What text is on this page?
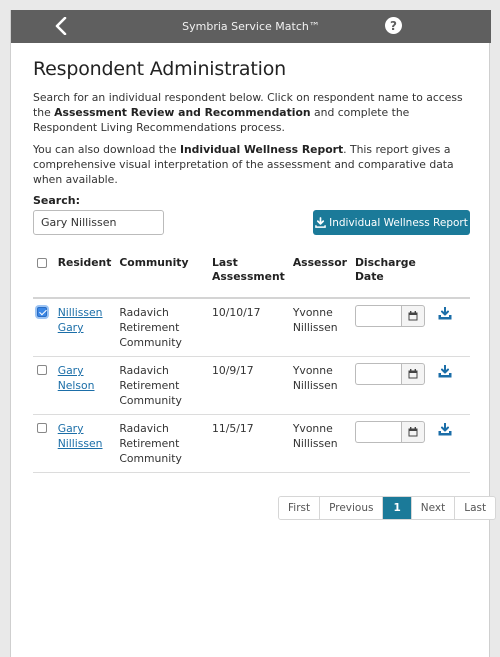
Symbria Service Match™	?
Respondent Administration

Search for an individual respondent below. Click on respondent name to access the Assessment Review and Recommendation and complete the Respondent Living Recommendations process.

You can also download the Individual Wellness Report. This report gives a comprehensive visual interpretation of the assessment and comparative data when available.

Search:
Gary Nillissen
Individual Wellness Report
	Resident	Community	Last Assessment	Assessor	Discharge Date	
	Nillissen Gary	Radavich Retirement Community	10/10/17	Yvonne Nillissen	

	Gary Nelson	Radavich Retirement Community	10/9/17	Yvonne Nillissen	

	Gary Nillissen	Radavich Retirement Community	11/5/17	Yvonne Nillissen	

First	Previous	1	Next	Last
